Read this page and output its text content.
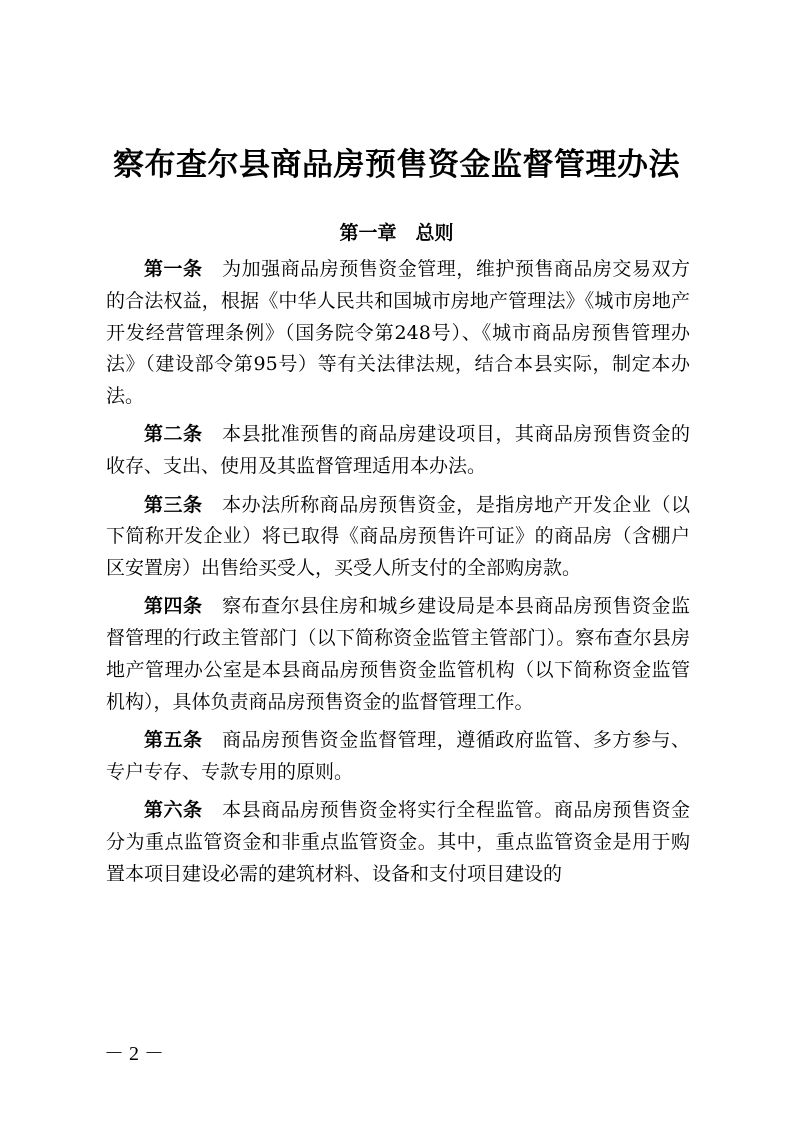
察布查尔县商品房预售资金监督管理办法
第一章　总则

第一条　 为加强商品房预售资金管理，维护预售商品房交易双方的合法权益，根据《中华人民共和国城市房地产管理法》《城市房地产开发经营管理条例》（国务院令第248号）、《城市商品房预售管理办法》（建设部令第95号）等有关法律法规，结合本县实际，制定本办法。

第二条　 本县批准预售的商品房建设项目，其商品房预售资金的收存、支出、使用及其监督管理适用本办法。

第三条　 本办法所称商品房预售资金，是指房地产开发企业（以下简称开发企业）将已取得《商品房预售许可证》的商品房（含棚户区安置房）出售给买受人，买受人所支付的全部购房款。

第四条　 察布查尔县住房和城乡建设局是本县商品房预售资金监督管理的行政主管部门（以下简称资金监管主管部门）。察布查尔县房地产管理办公室是本县商品房预售资金监管机构（以下简称资金监管机构），具体负责商品房预售资金的监督管理工作。

第五条　 商品房预售资金监督管理，遵循政府监管、多方参与、专户专存、专款专用的原则。

第六条　 本县商品房预售资金将实行全程监管。商品房预售资金分为重点监管资金和非重点监管资金。其中，重点监管资金是用于购置本项目建设必需的建筑材料、设备和支付项目建设的

－ 2 －
